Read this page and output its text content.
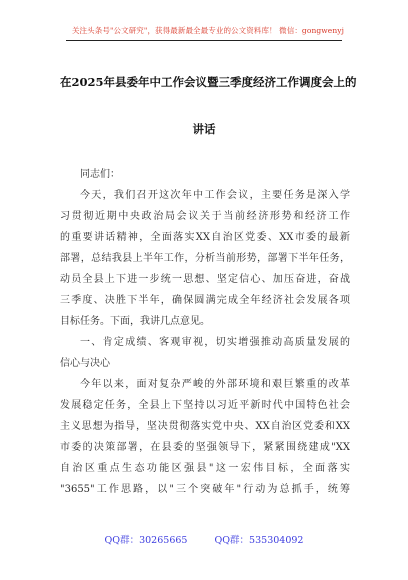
关注头条号"公文研究"，获得最新最全最专业的公文资料库！ 微信：gongwenyj
在2025年县委年中工作会议暨三季度经济工作调度会上的
讲话
同志们：
今天，我们召开这次年中工作会议，主要任务是深入学
习贯彻近期中央政治局会议关于当前经济形势和经济工作
的重要讲话精神，全面落实XX自治区党委、XX市委的最新
部署，总结我县上半年工作，分析当前形势，部署下半年任务，
动员全县上下进一步统一思想、坚定信心、加压奋进，奋战
三季度、决胜下半年，确保圆满完成全年经济社会发展各项
目标任务。下面，我讲几点意见。
一、肯定成绩、客观审视，切实增强推动高质量发展的
信心与决心
今年以来，面对复杂严峻的外部环境和艰巨繁重的改革
发展稳定任务，全县上下坚持以习近平新时代中国特色社会
主义思想为指导，坚决贯彻落实党中央、XX自治区党委和XX
市委的决策部署，在县委的坚强领导下，紧紧围绕建成"XX
自治区重点生态功能区强县"这一宏伟目标，全面落实
"3655"工作思路，以"三个突破年"行动为总抓手，统筹
QQ群：30265665	QQ群：535304092
